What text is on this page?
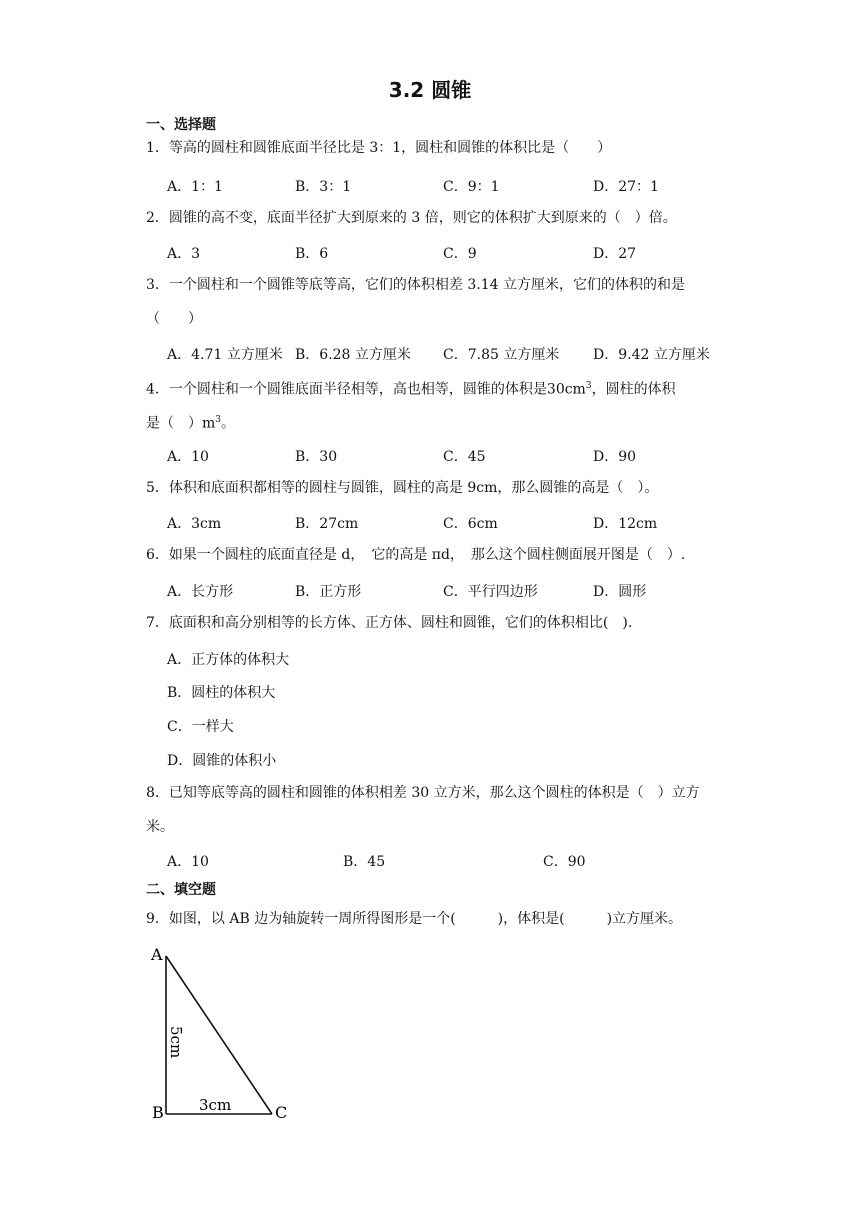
3.2 圆锥
一、选择题
1．等高的圆柱和圆锥底面半径比是 3：1，圆柱和圆锥的体积比是（　　）
A．1：1	B．3：1	C．9：1	D．27：1
2．圆锥的高不变，底面半径扩大到原来的 3 倍，则它的体积扩大到原来的（　）倍。
A．3	B．6	C．9	D．27
3．一个圆柱和一个圆锥等底等高，它们的体积相差 3.14 立方厘米，它们的体积的和是（　　）
A．4.71 立方厘米 B．6.28 立方厘米 C．7.85 立方厘米 D．9.42 立方厘米
4．一个圆柱和一个圆锥底面半径相等，高也相等，圆锥的体积是$30cm^3$，圆柱的体积
是（　）$m^3$。
A．10	B．30	C．45	D．90
5．体积和底面积都相等的圆柱与圆锥，圆柱的高是 9cm，那么圆锥的高是（　）。
A．3cm	B．27cm	C．6cm	D．12cm
6．如果一个圆柱的底面直径是 d，　它的高是 πd，　那么这个圆柱侧面展开图是（　）.
A．长方形	B．正方形	C．平行四边形	D．圆形
7．底面积和高分别相等的长方体、正方体、圆柱和圆锥，它们的体积相比(　).
A．正方体的体积大
B．圆柱的体积大
C．一样大
D．圆锥的体积小
8．已知等底等高的圆柱和圆锥的体积相差 30 立方米，那么这个圆柱的体积是（　）立方米。
A．10	B．45	C．90
二、填空题
9．如图，以 AB 边为轴旋转一周所得图形是一个(　　　)，体积是(　　　)立方厘米。
A
B	C
5cm
3cm
